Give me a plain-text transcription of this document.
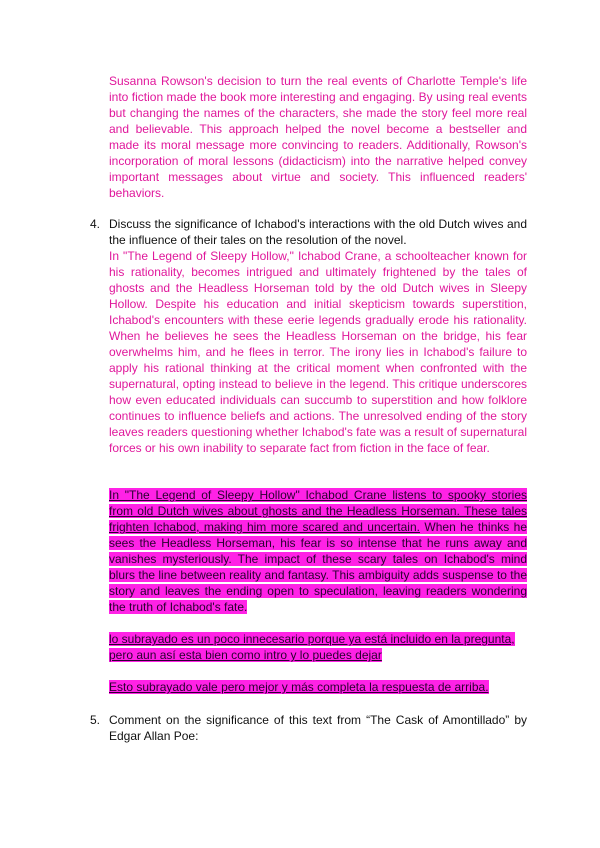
Susanna Rowson's decision to turn the real events of Charlotte Temple's life into fiction made the book more interesting and engaging. By using real events but changing the names of the characters, she made the story feel more real and believable. This approach helped the novel become a bestseller and made its moral message more convincing to readers. Additionally, Rowson's incorporation of moral lessons (didacticism) into the narrative helped convey important messages about virtue and society. This influenced readers' behaviors.

4. Discuss the significance of Ichabod's interactions with the old Dutch wives and the influence of their tales on the resolution of the novel.

In "The Legend of Sleepy Hollow," Ichabod Crane, a schoolteacher known for his rationality, becomes intrigued and ultimately frightened by the tales of ghosts and the Headless Horseman told by the old Dutch wives in Sleepy Hollow. Despite his education and initial skepticism towards superstition, Ichabod's encounters with these eerie legends gradually erode his rationality. When he believes he sees the Headless Horseman on the bridge, his fear overwhelms him, and he flees in terror. The irony lies in Ichabod's failure to apply his rational thinking at the critical moment when confronted with the supernatural, opting instead to believe in the legend. This critique underscores how even educated individuals can succumb to superstition and how folklore continues to influence beliefs and actions. The unresolved ending of the story leaves readers questioning whether Ichabod's fate was a result of supernatural forces or his own inability to separate fact from fiction in the face of fear.

In "The Legend of Sleepy Hollow" Ichabod Crane listens to spooky stories from old Dutch wives about ghosts and the Headless Horseman. These tales frighten Ichabod, making him more scared and uncertain. When he thinks he sees the Headless Horseman, his fear is so intense that he runs away and vanishes mysteriously. The impact of these scary tales on Ichabod's mind blurs the line between reality and fantasy. This ambiguity adds suspense to the story and leaves the ending open to speculation, leaving readers wondering the truth of Ichabod's fate.

lo subrayado es un poco innecesario porque ya está incluido en la pregunta, pero aun así esta bien como intro y lo puedes dejar

Esto subrayado vale pero mejor y más completa la respuesta de arriba.

5. Comment on the significance of this text from “The Cask of Amontillado” by Edgar Allan Poe:
